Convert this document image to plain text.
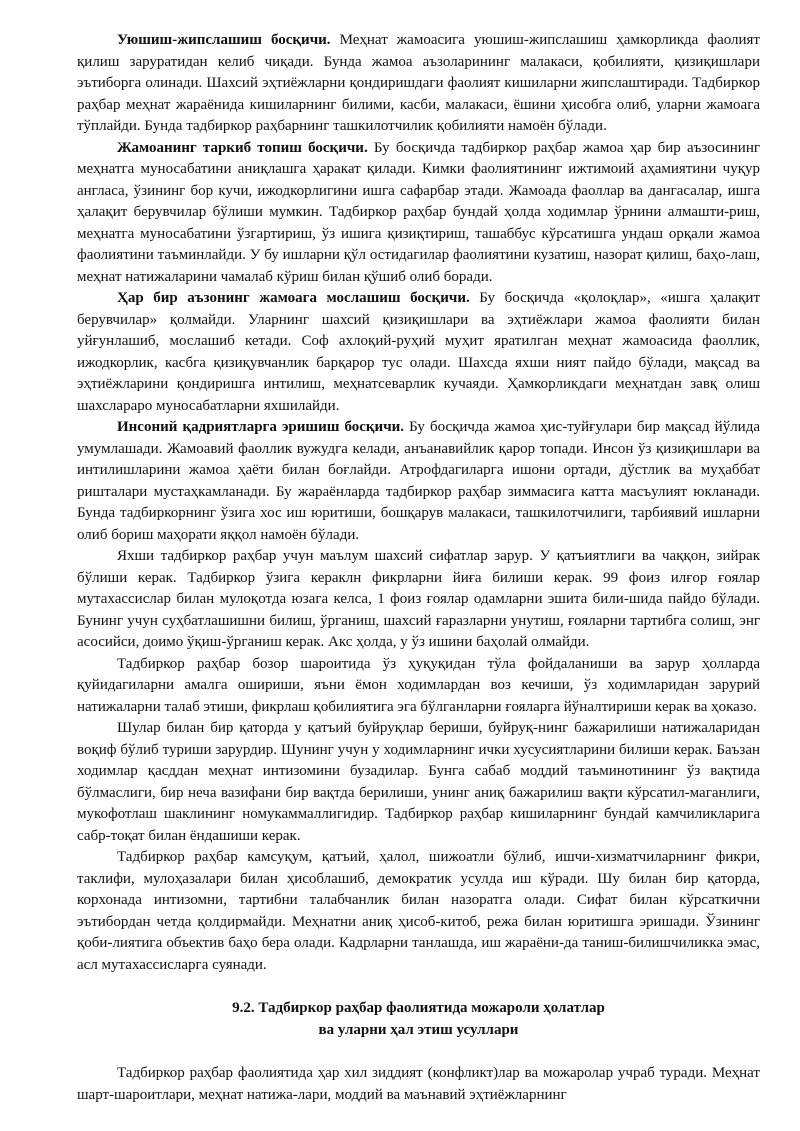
Уюшиш-жипслашиш босқичи. Меҳнат жамоасига уюшиш-жипслашиш ҳамкорликда фаолият қилиш заруратидан келиб чиқади. Бунда жамоа аъзоларининг малакаси, қобилияти, қизиқишлари эътиборга олинади. Шахсий эҳтиёжларни қондиришдаги фаолият кишиларни жипслаштиради. Тадбиркор раҳбар меҳнат жараёнида кишиларнинг билими, касби, малакаси, ёшини ҳисобга олиб, уларни жамоага тўплайди. Бунда тадбиркор раҳбарнинг ташкилотчилик қобилияти намоён бўлади.

Жамоанинг таркиб топиш босқичи. Бу босқичда тадбиркор раҳбар жамоа ҳар бир аъзосининг меҳнатга муносабатини аниқлашга ҳаракат қилади. Кимки фаолиятининг ижтимоий аҳамиятини чуқур англаса, ўзининг бор кучи, ижодкорлигини ишга сафарбар этади. Жамоада фаоллар ва дангасалар, ишга ҳалақит берувчилар бўлиши мумкин. Тадбиркор раҳбар бундай ҳолда ходимлар ўрнини алмашти-риш, меҳнатга муносабатини ўзгартириш, ўз ишига қизиқтириш, ташаббус кўрсатишга ундаш орқали жамоа фаолиятини таъминлайди. У бу ишларни қўл остидагилар фаолиятини кузатиш, назорат қилиш, баҳо-лаш, меҳнат натижаларини чамалаб кўриш билан қўшиб олиб боради.

Ҳар бир аъзонинг жамоага мослашиш босқичи. Бу босқичда «қолоқлар», «ишга ҳалақит берувчилар» қолмайди. Уларнинг шахсий қизиқишлари ва эҳтиёжлари жамоа фаолияти билан уйғунлашиб, мослашиб кетади. Соф ахлоқий-руҳий муҳит яратилган меҳнат жамоасида фаоллик, ижодкорлик, касбга қизиқувчанлик барқарор тус олади. Шахсда яхши ният пайдо бўлади, мақсад ва эҳтиёжларини қондиришга интилиш, меҳнатсеварлик кучаяди. Ҳамкорликдаги меҳнатдан завқ олиш шахсларaро муносабатларни яхшилайди.

Инсоний қадриятларга эришиш босқичи. Бу босқичда жамоа ҳис-туйғулари бир мақсад йўлида умумлашади. Жамоавий фаоллик вужудга келади, анъанавийлик қарор топади. Инсон ўз қизиқишлари ва интилишларини жамоа ҳаёти билан боғлайди. Атрофдагиларга ишони ортади, дўстлик ва муҳаббат ришталари мустаҳкамланади. Бу жараёнларда тадбиркор раҳбар зиммасига катта масъулият юкланади. Бунда тадбиркорнинг ўзига хос иш юритиши, бошқарув малакаси, ташкилотчилиги, тарбиявий ишларни олиб бориш маҳорати яққол намоён бўлади.

Яхши тадбиркор раҳбар учун маълум шахсий сифатлар зарур. У қатъиятлиги ва чаққон, зийрак бўлиши керак. Тадбиркор ўзига кераклн фикрларни йиға билиши керак. 99 фоиз илғор ғоялар мутахассислар билан мулоқотда юзага келса, 1 фоиз ғоялар одамларни эшита били-шида пайдо бўлади. Бунинг учун суҳбатлашишни билиш, ўрганиш, шахсий ғаразларни унутиш, ғояларни тартибга солиш, энг асосийси, доимо ўқиш-ўрганиш керак. Акс ҳолда, у ўз ишини баҳолай олмайди.

Тадбиркор раҳбар бозор шароитида ўз ҳуқуқидан тўла фойдаланиши ва зарур ҳолларда қуйидагиларни амалга ошириши, яъни ёмон ходимлардан воз кечиши, ўз ходимларидан зарурий натижаларни талаб этиши, фикрлаш қобилиятига эга бўлганларни ғояларга йўналтириши керак ва ҳоказо.

Шулар билан бир қаторда у қатъий буйруқлар бериши, буйруқ-нинг бажарилиши натижаларидан воқиф бўлиб туриши зарурдир. Шунинг учун у ходимларнинг ички хусусиятларини билиши керак. Баъзан ходимлар қасддан меҳнат интизомини бузадилар. Бунга сабаб моддий таъминотининг ўз вақтида бўлмаслиги, бир неча вазифани бир вақтда берилиши, унинг аниқ бажарилиш вақти кўрсатил-маганлиги, мукофотлаш шаклининг номукаммаллигидир. Тадбиркор раҳбар кишиларнинг бундай камчиликларига сабр-тоқат билан ёндашиши керак.

Тадбиркор раҳбар камсуқум, қатъий, ҳалол, шижоатли бўлиб, ишчи-хизматчиларнинг фикри, таклифи, мулоҳазалари билан ҳисоблашиб, демократик усулда иш кўради. Шу билан бир қаторда, корхонада интизомни, тартибни талабчанлик билан назоратга олади. Сифат билан кўрсаткични эътибордан четда қолдирмайди. Меҳнатни аниқ ҳисоб-китоб, режа билан юритишга эришади. Ўзининг қоби-лиятига объектив баҳо бера олади. Кадрларни танлашда, иш жараёни-да таниш-билишчиликка эмас, асл мутахассисларга суянади.

9.2. Тадбиркор раҳбар фаолиятида можароли ҳолатлар
ва уларни ҳал этиш усуллари

Тадбиркор раҳбар фаолиятида ҳар хил зиддият (конфликт)лар ва можаролар учраб туради. Меҳнат шарт-шароитлари, меҳнат натижа-лари, моддий ва маънавий эҳтиёжларнинг
